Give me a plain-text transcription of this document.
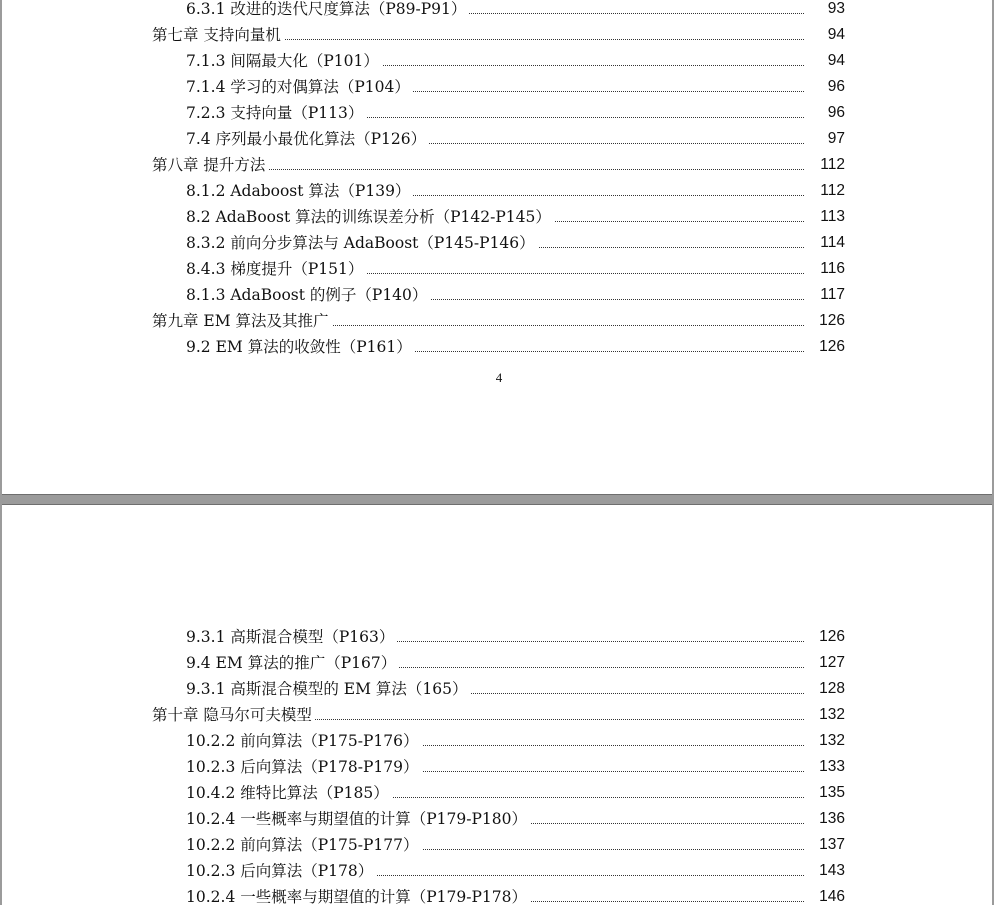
6.3.1 改进的迭代尺度算法（P89-P91）	93
第七章 支持向量机	94
7.1.3 间隔最大化（P101）	94
7.1.4 学习的对偶算法（P104）	96
7.2.3 支持向量（P113）	96
7.4 序列最小最优化算法（P126）	97
第八章 提升方法	112
8.1.2 Adaboost 算法（P139）	112
8.2 AdaBoost 算法的训练误差分析（P142-P145）	113
8.3.2 前向分步算法与 AdaBoost（P145-P146）	114
8.4.3 梯度提升（P151）	116
8.1.3 AdaBoost 的例子（P140）	117
第九章 EM 算法及其推广	126
9.2 EM 算法的收敛性（P161）	126
4
9.3.1 高斯混合模型（P163）	126
9.4 EM 算法的推广（P167）	127
9.3.1 高斯混合模型的 EM 算法（165）	128
第十章 隐马尔可夫模型	132
10.2.2 前向算法（P175-P176）	132
10.2.3 后向算法（P178-P179）	133
10.4.2 维特比算法（P185）	135
10.2.4 一些概率与期望值的计算（P179-P180）	136
10.2.2 前向算法（P175-P177）	137
10.2.3 后向算法（P178）	143
10.2.4 一些概率与期望值的计算（P179-P178）	146
